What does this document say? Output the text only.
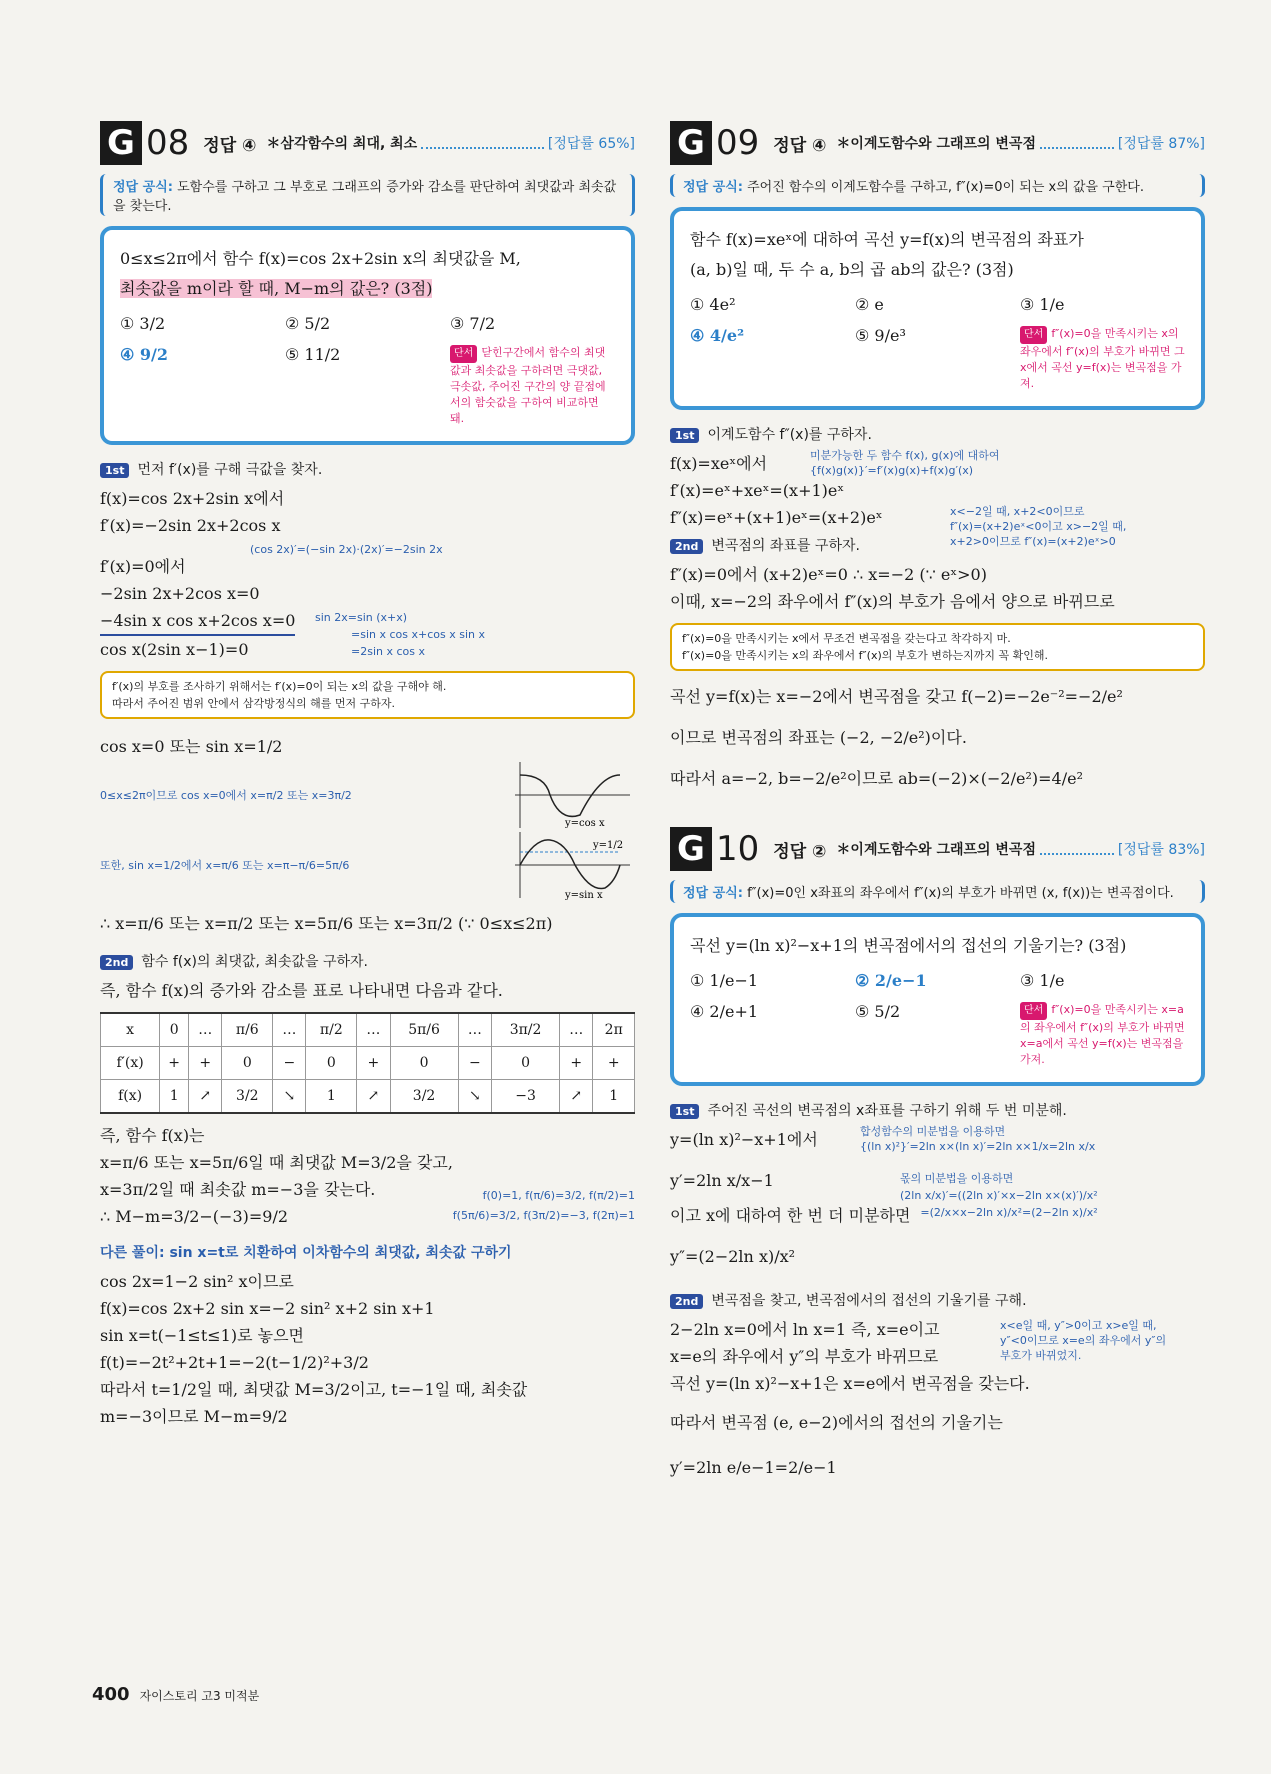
G 08 정답 ④ ＊삼각함수의 최대, 최소	[정답률 65%]
정답 공식: 도함수를 구하고 그 부호로 그래프의 증가와 감소를 판단하여 최댓값과 최솟값을 찾는다.
0≤x≤2π에서 함수 f(x)=cos 2x+2sin x의 최댓값을 M,
최솟값을 m이라 할 때, M−m의 값은? (3점)
① 3/2	② 5/2	③ 7/2
④ 9/2	⑤ 11/2	단서 닫힌구간에서 함수의 최댓값과 최솟값을 구하려면 극댓값, 극솟값, 주어진 구간의 양 끝점에서의 함숫값을 구하여 비교하면 돼.
1st 먼저 f′(x)를 구해 극값을 찾자.
f(x)=cos 2x+2sin x에서
f′(x)=−2sin 2x+2cos x
(cos 2x)′=(−sin 2x)·(2x)′=−2sin 2x
f′(x)=0에서
−2sin 2x+2cos x=0
−4sin x cos x+2cos x=0
cos x(2sin x−1)=0
sin 2x=sin (x+x)
=sin x cos x+cos x sin x
=2sin x cos x
f′(x)의 부호를 조사하기 위해서는 f′(x)=0이 되는 x의 값을 구해야 해.
따라서 주어진 범위 안에서 삼각방정식의 해를 먼저 구하자.
cos x=0 또는 sin x=1/2
0≤x≤2π이므로 cos x=0에서 x=π/2 또는 x=3π/2
y=cos x
또한, sin x=1/2에서 x=π/6 또는 x=π−π/6=5π/6
y=1/2
y=sin x
∴ x=π/6 또는 x=π/2 또는 x=5π/6 또는 x=3π/2 (∵ 0≤x≤2π)
2nd 함수 f(x)의 최댓값, 최솟값을 구하자.
즉, 함수 f(x)의 증가와 감소를 표로 나타내면 다음과 같다.
x	0	…	π/6	…	π/2	…	5π/6	…	3π/2	…	2π
f′(x)	+	+	0	−	0	+	0	−	0	+	+
f(x)	1	↗	3/2	↘	1	↗	3/2	↘	−3	↗	1
즉, 함수 f(x)는
x=π/6 또는 x=5π/6일 때 최댓값 M=3/2을 갖고,
x=3π/2일 때 최솟값 m=−3을 갖는다.
∴ M−m=3/2−(−3)=9/2
f(0)=1, f(π/6)=3/2, f(π/2)=1
f(5π/6)=3/2, f(3π/2)=−3, f(2π)=1
다른 풀이: sin x=t로 치환하여 이차함수의 최댓값, 최솟값 구하기
cos 2x=1−2 sin² x이므로
f(x)=cos 2x+2 sin x=−2 sin² x+2 sin x+1
sin x=t(−1≤t≤1)로 놓으면
f(t)=−2t²+2t+1=−2(t−1/2)²+3/2
따라서 t=1/2일 때, 최댓값 M=3/2이고, t=−1일 때, 최솟값
m=−3이므로 M−m=9/2
G 09 정답 ④ ＊이계도함수와 그래프의 변곡점	[정답률 87%]
정답 공식: 주어진 함수의 이계도함수를 구하고, f″(x)=0이 되는 x의 값을 구한다.
함수 f(x)=xeˣ에 대하여 곡선 y=f(x)의 변곡점의 좌표가
(a, b)일 때, 두 수 a, b의 곱 ab의 값은? (3점)
① 4e²	② e	③ 1/e
④ 4/e²	⑤ 9/e³	단서 f″(x)=0을 만족시키는 x의 좌우에서 f″(x)의 부호가 바뀌면 그 x에서 곡선 y=f(x)는 변곡점을 가져.
1st 이계도함수 f″(x)를 구하자.
f(x)=xeˣ에서
f′(x)=eˣ+xeˣ=(x+1)eˣ
f″(x)=eˣ+(x+1)eˣ=(x+2)eˣ
미분가능한 두 함수 f(x), g(x)에 대하여
{f(x)g(x)}′=f′(x)g(x)+f(x)g′(x)
x<−2일 때, x+2<0이므로
f″(x)=(x+2)eˣ<0이고 x>−2일 때,
x+2>0이므로 f″(x)=(x+2)eˣ>0
2nd 변곡점의 좌표를 구하자.
f″(x)=0에서 (x+2)eˣ=0 ∴ x=−2 (∵ eˣ>0)
이때, x=−2의 좌우에서 f″(x)의 부호가 음에서 양으로 바뀌므로
f″(x)=0을 만족시키는 x에서 무조건 변곡점을 갖는다고 착각하지 마.
f″(x)=0을 만족시키는 x의 좌우에서 f″(x)의 부호가 변하는지까지 꼭 확인해.
곡선 y=f(x)는 x=−2에서 변곡점을 갖고 f(−2)=−2e⁻²=−2/e²
이므로 변곡점의 좌표는 (−2, −2/e²)이다.
따라서 a=−2, b=−2/e²이므로 ab=(−2)×(−2/e²)=4/e²
G 10 정답 ② ＊이계도함수와 그래프의 변곡점	[정답률 83%]
정답 공식: f″(x)=0인 x좌표의 좌우에서 f″(x)의 부호가 바뀌면 (x, f(x))는 변곡점이다.
곡선 y=(ln x)²−x+1의 변곡점에서의 접선의 기울기는? (3점)
① 1/e−1	② 2/e−1	③ 1/e
④ 2/e+1	⑤ 5/2	단서 f″(x)=0을 만족시키는 x=a의 좌우에서 f″(x)의 부호가 바뀌면 x=a에서 곡선 y=f(x)는 변곡점을 가져.
1st 주어진 곡선의 변곡점의 x좌표를 구하기 위해 두 번 미분해.
y=(ln x)²−x+1에서
y′=2ln x/x−1
이고 x에 대하여 한 번 더 미분하면
y″=(2−2ln x)/x²
합성함수의 미분법을 이용하면
{(ln x)²}′=2ln x×(ln x)′=2ln x×1/x=2ln x/x
몫의 미분법을 이용하면
(2ln x/x)′=((2ln x)′×x−2ln x×(x)′)/x²
=(2/x×x−2ln x)/x²=(2−2ln x)/x²
2nd 변곡점을 찾고, 변곡점에서의 접선의 기울기를 구해.
2−2ln x=0에서 ln x=1 즉, x=e이고
x=e의 좌우에서 y″의 부호가 바뀌므로
x<e일 때, y″>0이고 x>e일 때,
y″<0이므로 x=e의 좌우에서 y″의
부호가 바뀌었지.
곡선 y=(ln x)²−x+1은 x=e에서 변곡점을 갖는다.
따라서 변곡점 (e, e−2)에서의 접선의 기울기는
y′=2ln e/e−1=2/e−1
400 자이스토리 고3 미적분
